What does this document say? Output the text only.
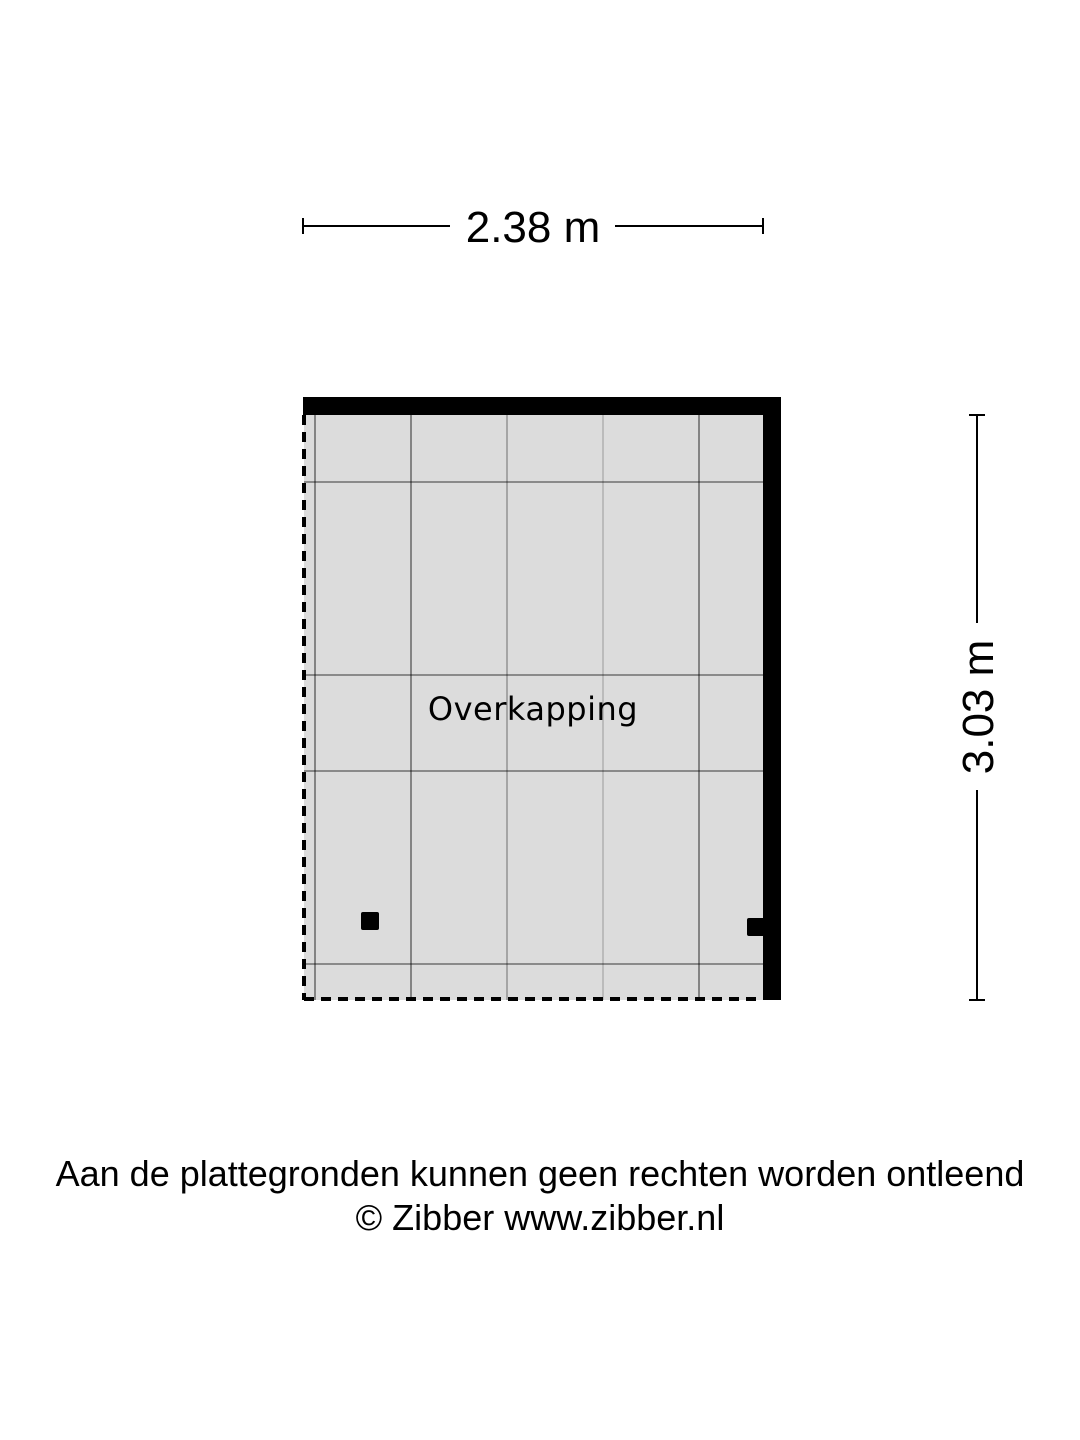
2.38 m
3.03 m
Overkapping
Aan de plattegronden kunnen geen rechten worden ontleend
© Zibber www.zibber.nl
